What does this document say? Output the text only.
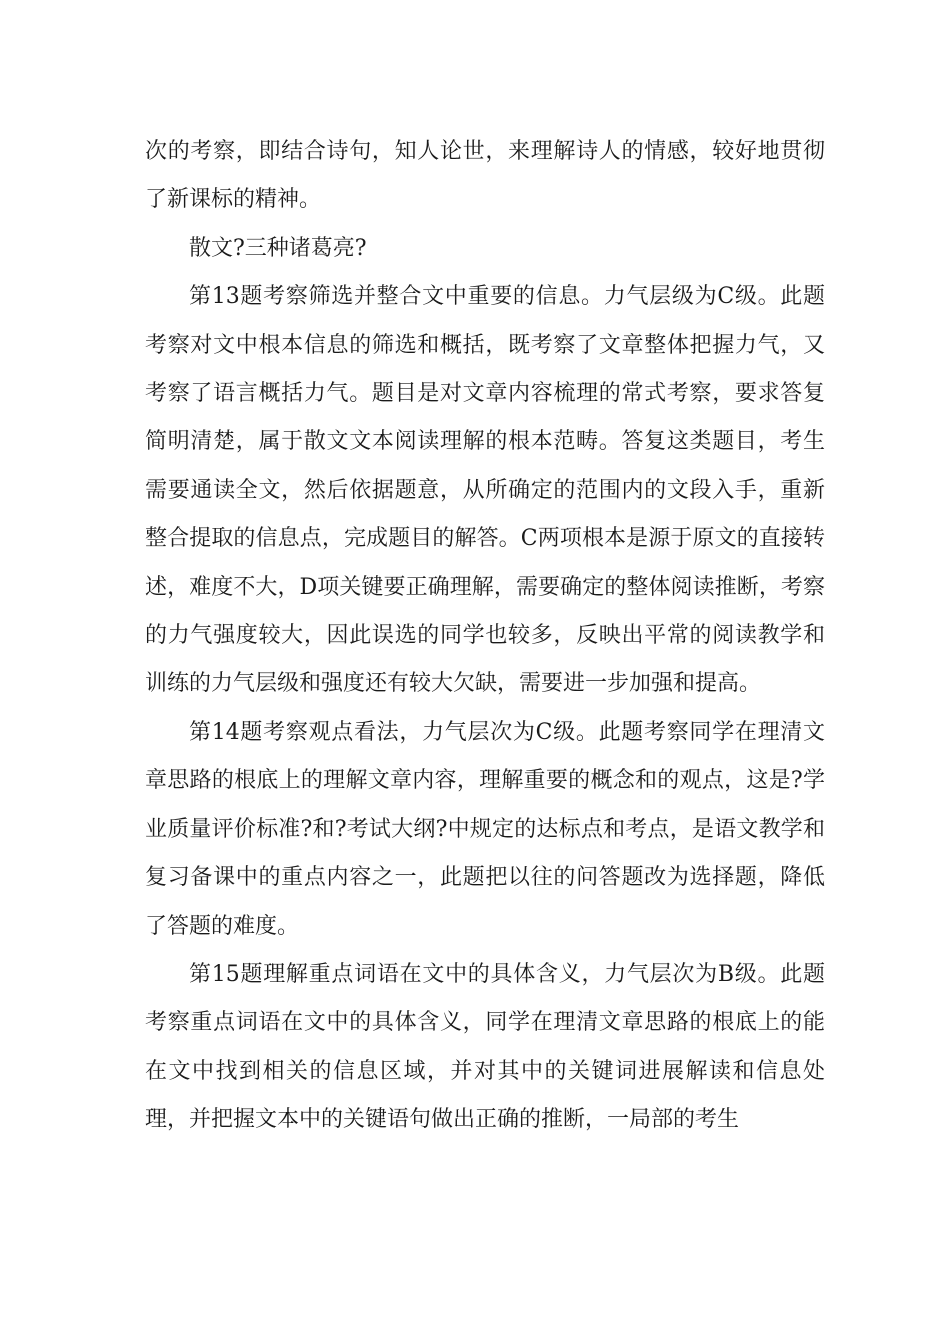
次的考察，即结合诗句，知人论世，来理解诗人的情感，较好地贯彻了新课标的精神。

散文?三种诸葛亮?

第13题考察筛选并整合文中重要的信息。力气层级为C级。此题考察对文中根本信息的筛选和概括，既考察了文章整体把握力气，又考察了语言概括力气。题目是对文章内容梳理的常式考察，要求答复简明清楚，属于散文文本阅读理解的根本范畴。答复这类题目，考生需要通读全文，然后依据题意，从所确定的范围内的文段入手，重新整合提取的信息点，完成题目的解答。C两项根本是源于原文的直接转述，难度不大，D项关键要正确理解，需要确定的整体阅读推断，考察的力气强度较大，因此误选的同学也较多，反映出平常的阅读教学和训练的力气层级和强度还有较大欠缺，需要进一步加强和提高。

第14题考察观点看法，力气层次为C级。此题考察同学在理清文章思路的根底上的理解文章内容，理解重要的概念和的观点，这是?学业质量评价标准?和?考试大纲?中规定的达标点和考点，是语文教学和复习备课中的重点内容之一，此题把以往的问答题改为选择题，降低了答题的难度。

第15题理解重点词语在文中的具体含义，力气层次为B级。此题考察重点词语在文中的具体含义，同学在理清文章思路的根底上的能在文中找到相关的信息区域，并对其中的关键词进展解读和信息处理，并把握文本中的关键语句做出正确的推断，一局部的考生
